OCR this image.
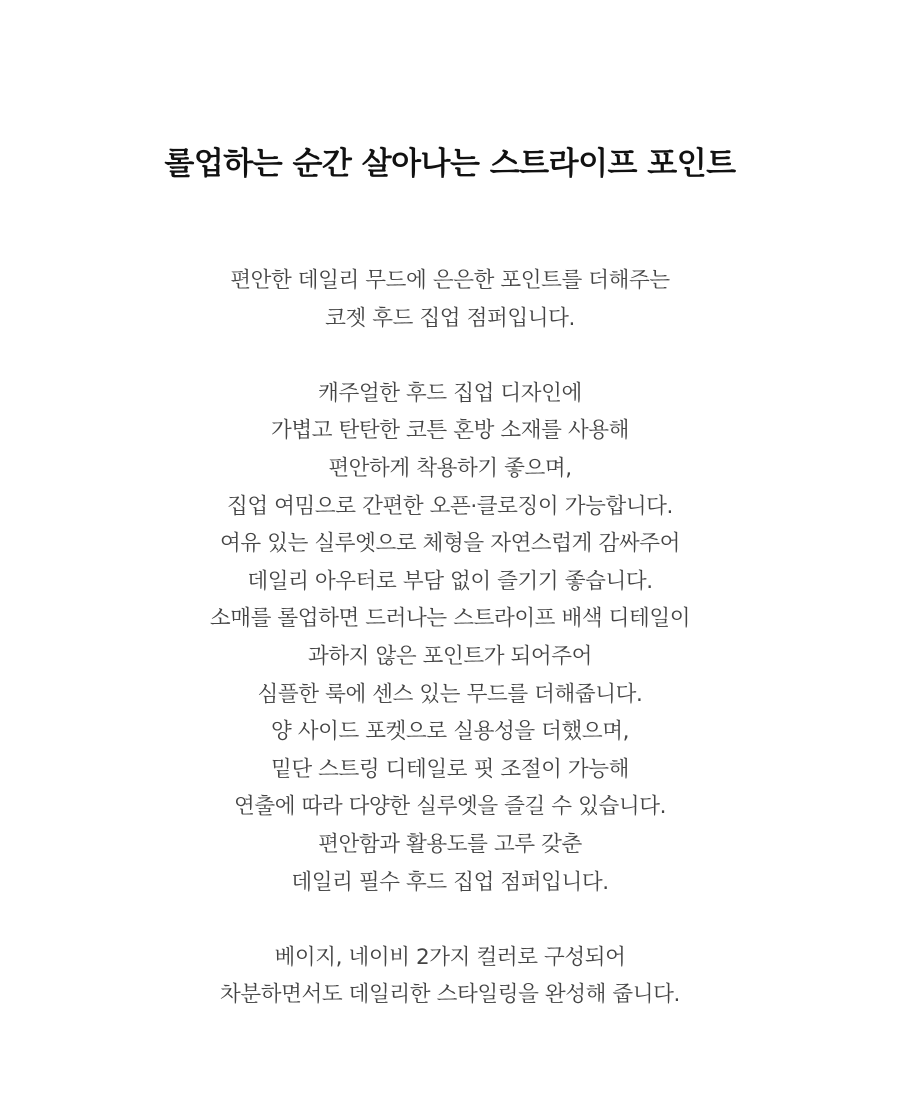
롤업하는 순간 살아나는 스트라이프 포인트

편안한 데일리 무드에 은은한 포인트를 더해주는
코젯 후드 집업 점퍼입니다.

캐주얼한 후드 집업 디자인에
가볍고 탄탄한 코튼 혼방 소재를 사용해
편안하게 착용하기 좋으며,
집업 여밈으로 간편한 오픈·클로징이 가능합니다.
여유 있는 실루엣으로 체형을 자연스럽게 감싸주어
데일리 아우터로 부담 없이 즐기기 좋습니다.
소매를 롤업하면 드러나는 스트라이프 배색 디테일이
과하지 않은 포인트가 되어주어
심플한 룩에 센스 있는 무드를 더해줍니다.
양 사이드 포켓으로 실용성을 더했으며,
밑단 스트링 디테일로 핏 조절이 가능해
연출에 따라 다양한 실루엣을 즐길 수 있습니다.
편안함과 활용도를 고루 갖춘
데일리 필수 후드 집업 점퍼입니다.

베이지, 네이비 2가지 컬러로 구성되어
차분하면서도 데일리한 스타일링을 완성해 줍니다.
